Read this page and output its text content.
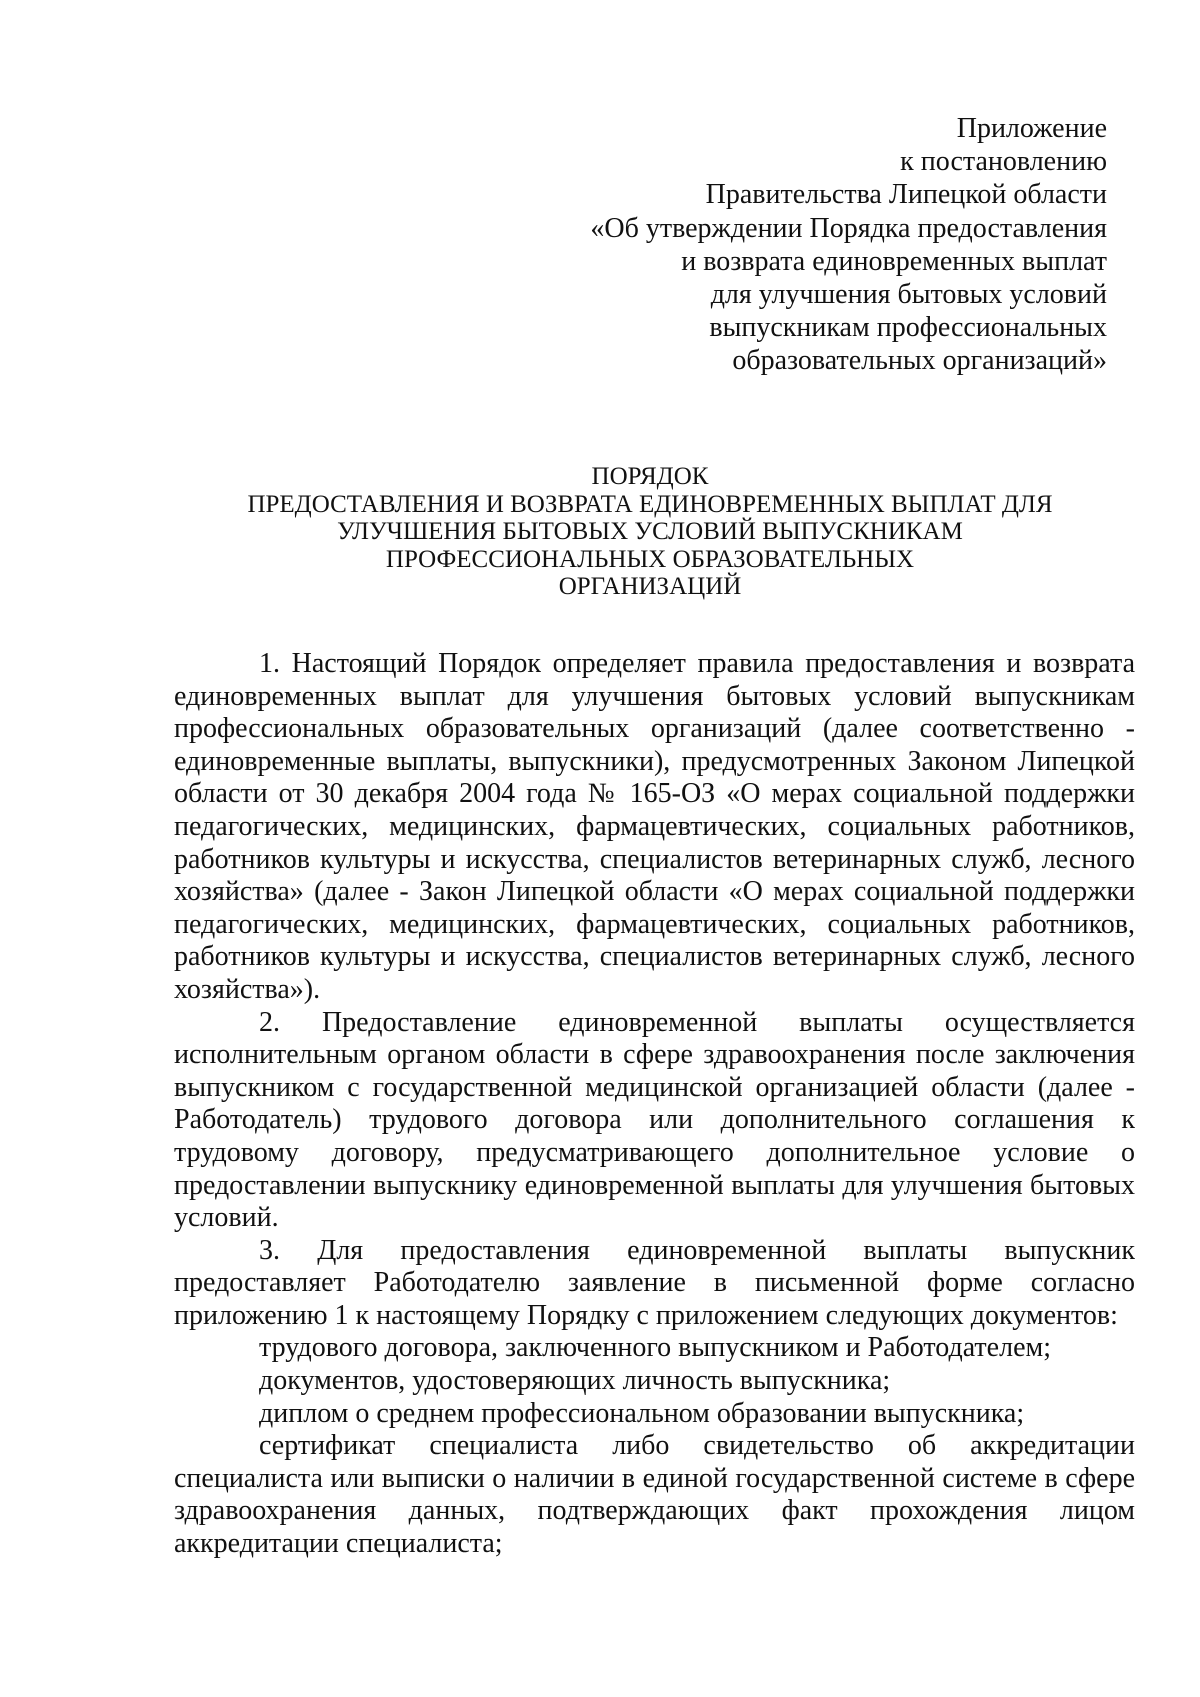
Приложение
к постановлению
Правительства Липецкой области
«Об утверждении Порядка предоставления
и возврата единовременных выплат
для улучшения бытовых условий
выпускникам профессиональных
образовательных организаций»
ПОРЯДОК
ПРЕДОСТАВЛЕНИЯ И ВОЗВРАТА ЕДИНОВРЕМЕННЫХ ВЫПЛАТ ДЛЯ
УЛУЧШЕНИЯ БЫТОВЫХ УСЛОВИЙ ВЫПУСКНИКАМ
ПРОФЕССИОНАЛЬНЫХ ОБРАЗОВАТЕЛЬНЫХ
ОРГАНИЗАЦИЙ

1. Настоящий Порядок определяет правила предоставления и возврата единовременных выплат для улучшения бытовых условий выпускникам профессиональных образовательных организаций (далее соответственно - единовременные выплаты, выпускники), предусмотренных Законом Липецкой области от 30 декабря 2004 года № 165-ОЗ «О мерах социальной поддержки педагогических, медицинских, фармацевтических, социальных работников, работников культуры и искусства, специалистов ветеринарных служб, лесного хозяйства» (далее - Закон Липецкой области «О мерах социальной поддержки педагогических, медицинских, фармацевтических, социальных работников, работников культуры и искусства, специалистов ветеринарных служб, лесного хозяйства»).

2. Предоставление единовременной выплаты осуществляется исполнительным органом области в сфере здравоохранения после заключения выпускником с государственной медицинской организацией области (далее - Работодатель) трудового договора или дополнительного соглашения к трудовому договору, предусматривающего дополнительное условие о предоставлении выпускнику единовременной выплаты для улучшения бытовых условий.

3. Для предоставления единовременной выплаты выпускник предоставляет Работодателю заявление в письменной форме согласно приложению 1 к настоящему Порядку с приложением следующих документов:

трудового договора, заключенного выпускником и Работодателем;

документов, удостоверяющих личность выпускника;

диплом о среднем профессиональном образовании выпускника;

сертификат специалиста либо свидетельство об аккредитации специалиста или выписки о наличии в единой государственной системе в сфере здравоохранения данных, подтверждающих факт прохождения лицом аккредитации специалиста;
